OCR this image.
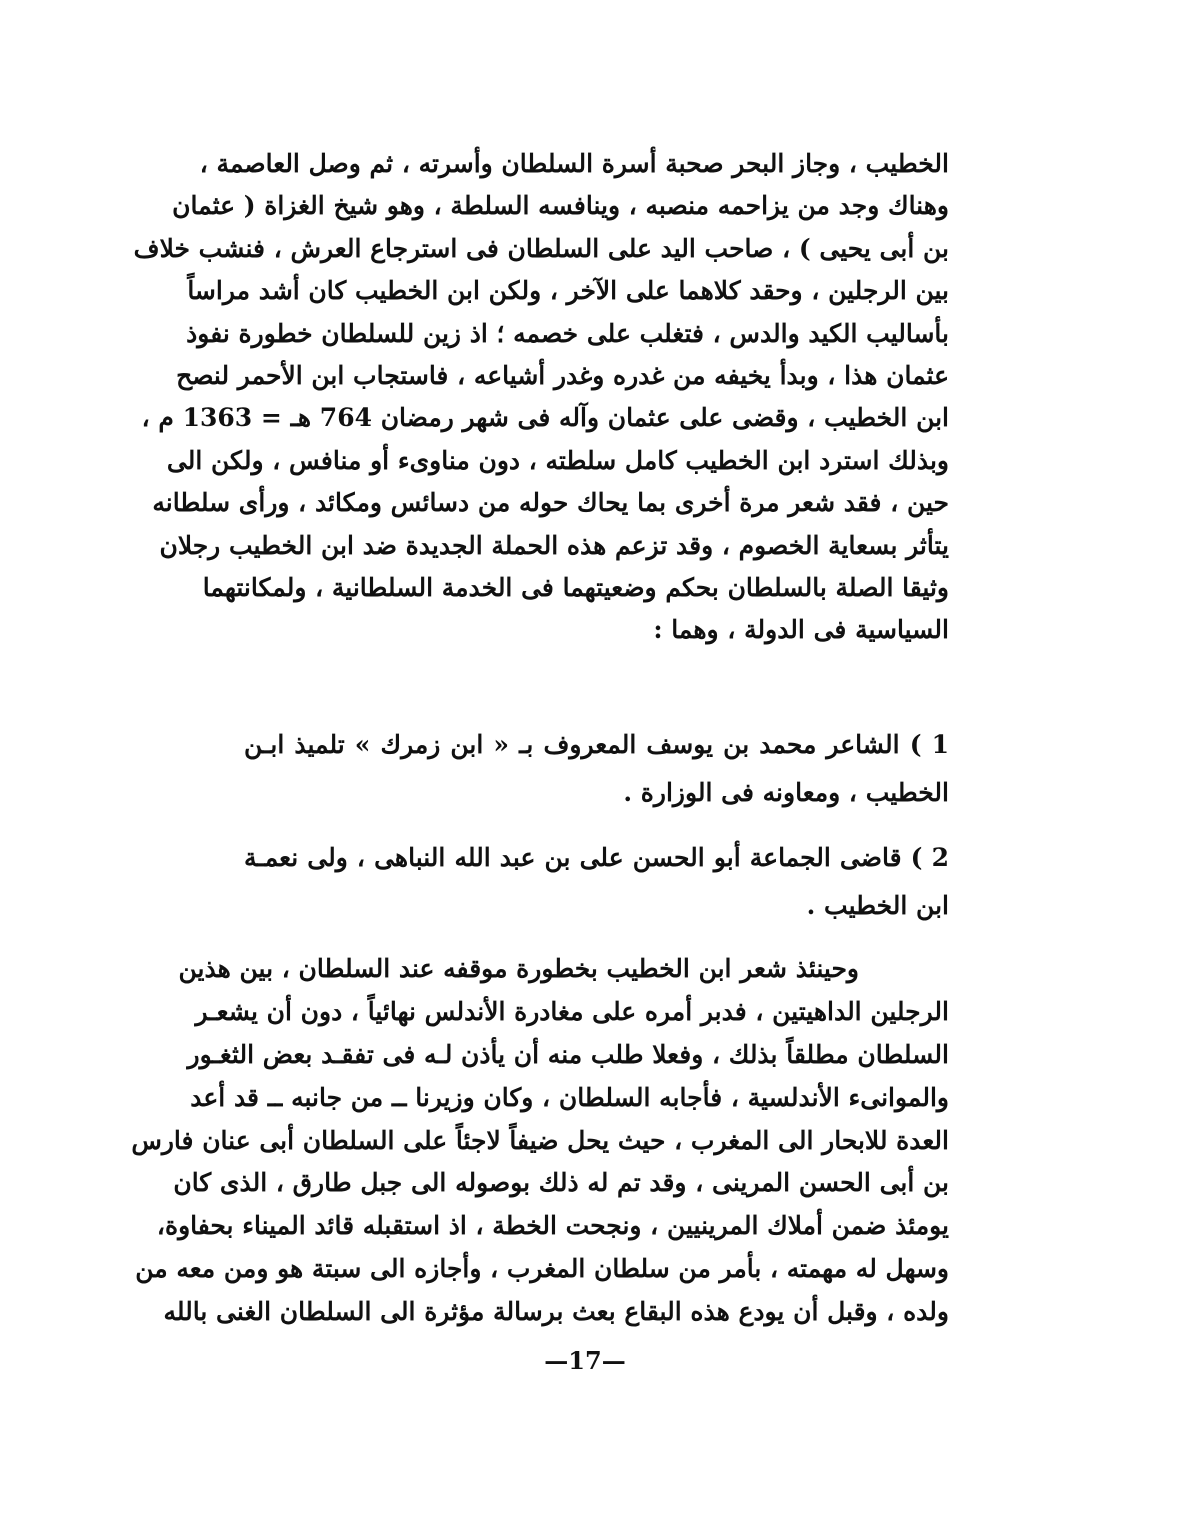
الخطيب ، وجاز البحر صحبة أسرة السلطان وأسرته ، ثم وصل العاصمة ،
وهناك وجد من يزاحمه منصبه ، وينافسه السلطة ، وهو شيخ الغزاة ( عثمان
بن أبى يحيى ) ، صاحب اليد على السلطان فى استرجاع العرش ، فنشب خلاف
بين الرجلين ، وحقد كلاهما على الآخر ، ولكن ابن الخطيب كان أشد مراساً
بأساليب الكيد والدس ، فتغلب على خصمه ؛ اذ زين للسلطان خطورة نفوذ
عثمان هذا ، وبدأ يخيفه من غدره وغدر أشياعه ، فاستجاب ابن الأحمر لنصح
ابن الخطيب ، وقضى على عثمان وآله فى شهر رمضان 764 هـ = 1363 م ،
وبذلك استرد ابن الخطيب كامل سلطته ، دون مناوىء أو منافس ، ولكن الى
حين ، فقد شعر مرة أخرى بما يحاك حوله من دسائس ومكائد ، ورأى سلطانه
يتأثر بسعاية الخصوم ، وقد تزعم هذه الحملة الجديدة ضد ابن الخطيب رجلان
وثيقا الصلة بالسلطان بحكم وضعيتهما فى الخدمة السلطانية ، ولمكانتهما
السياسية فى الدولة ، وهما :
1 ) الشاعر محمد بن يوسف المعروف بـ « ابن زمرك » تلميذ ابـن
الخطيب ، ومعاونه فى الوزارة .
2 ) قاضى الجماعة أبو الحسن على بن عبد الله النباهى ، ولى نعمـة
ابن الخطيب .
وحينئذ شعر ابن الخطيب بخطورة موقفه عند السلطان ، بين هذين
الرجلين الداهيتين ، فدبر أمره على مغادرة الأندلس نهائياً ، دون أن يشعـر
السلطان مطلقاً بذلك ، وفعلا طلب منه أن يأذن لـه فى تفقـد بعض الثغـور
والموانىء الأندلسية ، فأجابه السلطان ، وكان وزيرنا ــ من جانبه ــ قد أعد
العدة للابحار الى المغرب ، حيث يحل ضيفاً لاجئاً على السلطان أبى عنان فارس
بن أبى الحسن المرينى ، وقد تم له ذلك بوصوله الى جبل طارق ، الذى كان
يومئذ ضمن أملاك المرينيين ، ونجحت الخطة ، اذ استقبله قائد الميناء بحفاوة،
وسهل له مهمته ، بأمر من سلطان المغرب ، وأجازه الى سبتة هو ومن معه من
ولده ، وقبل أن يودع هذه البقاع بعث برسالة مؤثرة الى السلطان الغنى بالله
—17—
